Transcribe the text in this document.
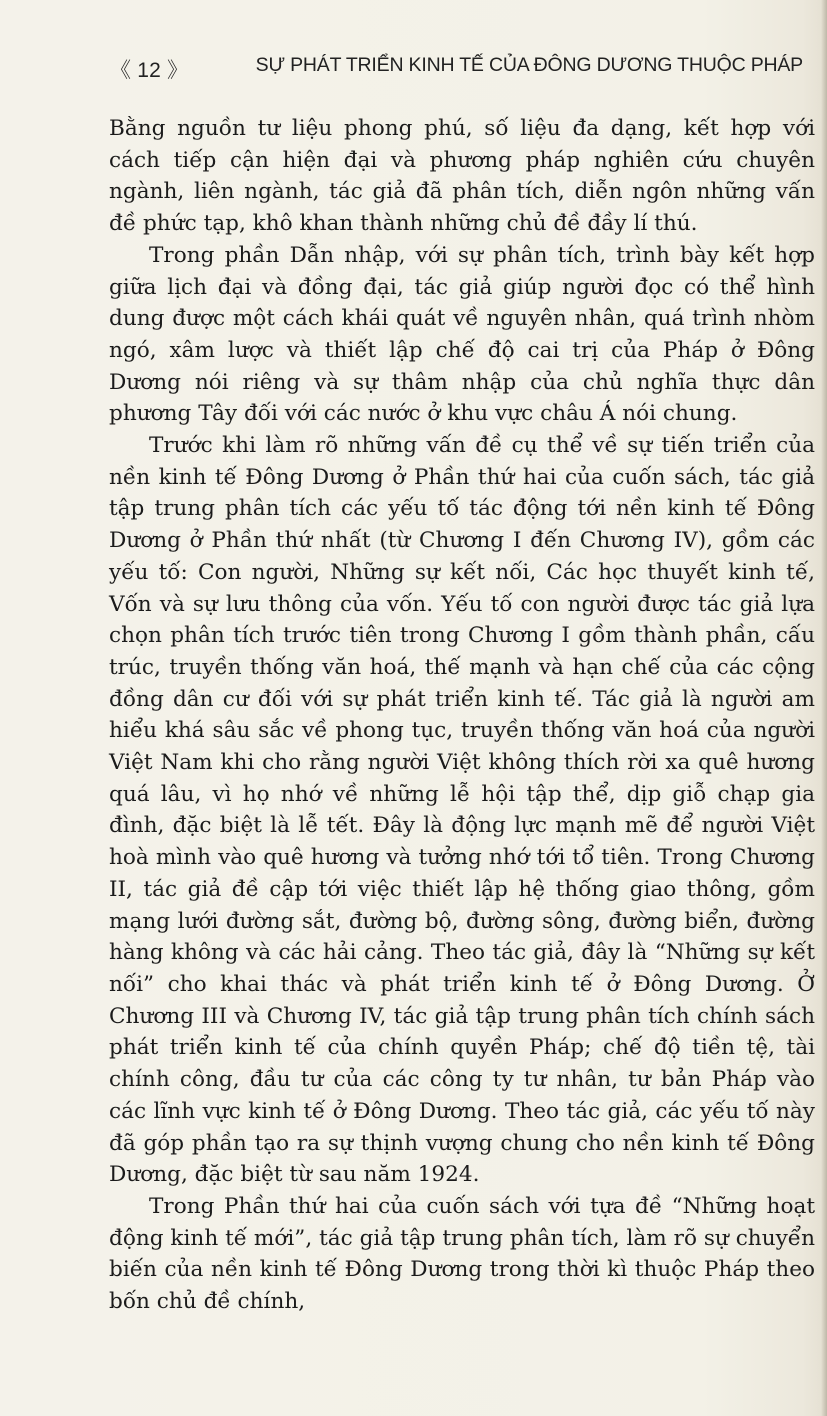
《 12 》	SỰ PHÁT TRIỂN KINH TẾ CỦA ĐÔNG DƯƠNG THUỘC PHÁP

Bằng nguồn tư liệu phong phú, số liệu đa dạng, kết hợp với cách tiếp cận hiện đại và phương pháp nghiên cứu chuyên ngành, liên ngành, tác giả đã phân tích, diễn ngôn những vấn đề phức tạp, khô khan thành những chủ đề đầy lí thú.

Trong phần Dẫn nhập, với sự phân tích, trình bày kết hợp giữa lịch đại và đồng đại, tác giả giúp người đọc có thể hình dung được một cách khái quát về nguyên nhân, quá trình nhòm ngó, xâm lược và thiết lập chế độ cai trị của Pháp ở Đông Dương nói riêng và sự thâm nhập của chủ nghĩa thực dân phương Tây đối với các nước ở khu vực châu Á nói chung.

Trước khi làm rõ những vấn đề cụ thể về sự tiến triển của nền kinh tế Đông Dương ở Phần thứ hai của cuốn sách, tác giả tập trung phân tích các yếu tố tác động tới nền kinh tế Đông Dương ở Phần thứ nhất (từ Chương I đến Chương IV), gồm các yếu tố: Con người, Những sự kết nối, Các học thuyết kinh tế, Vốn và sự lưu thông của vốn. Yếu tố con người được tác giả lựa chọn phân tích trước tiên trong Chương I gồm thành phần, cấu trúc, truyền thống văn hoá, thế mạnh và hạn chế của các cộng đồng dân cư đối với sự phát triển kinh tế. Tác giả là người am hiểu khá sâu sắc về phong tục, truyền thống văn hoá của người Việt Nam khi cho rằng người Việt không thích rời xa quê hương quá lâu, vì họ nhớ về những lễ hội tập thể, dịp giỗ chạp gia đình, đặc biệt là lễ tết. Đây là động lực mạnh mẽ để người Việt hoà mình vào quê hương và tưởng nhớ tới tổ tiên. Trong Chương II, tác giả đề cập tới việc thiết lập hệ thống giao thông, gồm mạng lưới đường sắt, đường bộ, đường sông, đường biển, đường hàng không và các hải cảng. Theo tác giả, đây là “Những sự kết nối” cho khai thác và phát triển kinh tế ở Đông Dương. Ở Chương III và Chương IV, tác giả tập trung phân tích chính sách phát triển kinh tế của chính quyền Pháp; chế độ tiền tệ, tài chính công, đầu tư của các công ty tư nhân, tư bản Pháp vào các lĩnh vực kinh tế ở Đông Dương. Theo tác giả, các yếu tố này đã góp phần tạo ra sự thịnh vượng chung cho nền kinh tế Đông Dương, đặc biệt từ sau năm 1924.

Trong Phần thứ hai của cuốn sách với tựa đề “Những hoạt động kinh tế mới”, tác giả tập trung phân tích, làm rõ sự chuyển biến của nền kinh tế Đông Dương trong thời kì thuộc Pháp theo bốn chủ đề chính,
